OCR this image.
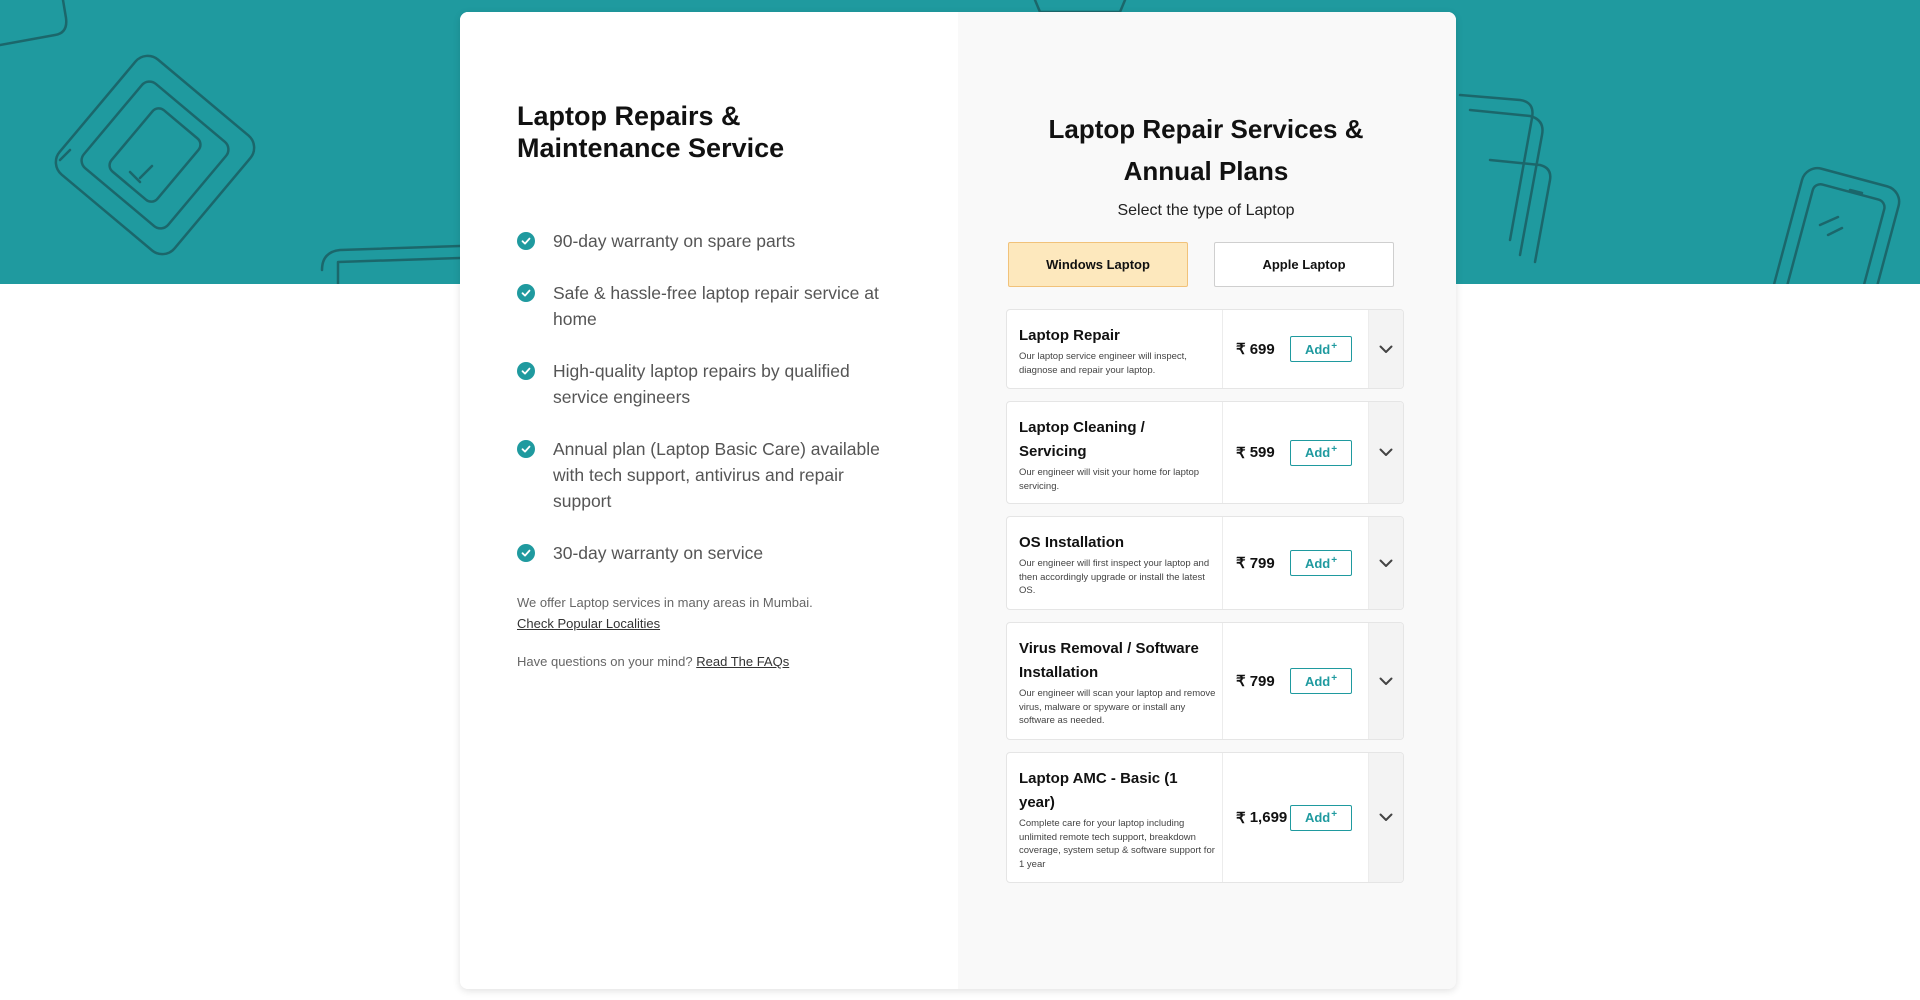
Laptop Repairs & Maintenance Service
90-day warranty on spare parts
Safe & hassle-free laptop repair service at home
High-quality laptop repairs by qualified service engineers
Annual plan (Laptop Basic Care) available with tech support, antivirus and repair support
30-day warranty on service
We offer Laptop services in many areas in Mumbai.
Check Popular Localities
Have questions on your mind? Read The FAQs
Laptop Repair Services & Annual Plans
Select the type of Laptop
Windows Laptop	Apple Laptop
Laptop Repair
Our laptop service engineer will inspect, diagnose and repair your laptop.
₹
699 Add+
Laptop Cleaning / Servicing
Our engineer will visit your home for laptop servicing.
₹
599 Add+
OS Installation
Our engineer will first inspect your laptop and then accordingly upgrade or install the latest OS.
₹
799 Add+
Virus Removal / Software Installation
Our engineer will scan your laptop and remove virus, malware or spyware or install any software as needed.
₹
799 Add+
Laptop AMC - Basic (1 year)
Complete care for your laptop including unlimited remote tech support, breakdown coverage, system setup & software support for 1 year
₹
1,699 Add+
